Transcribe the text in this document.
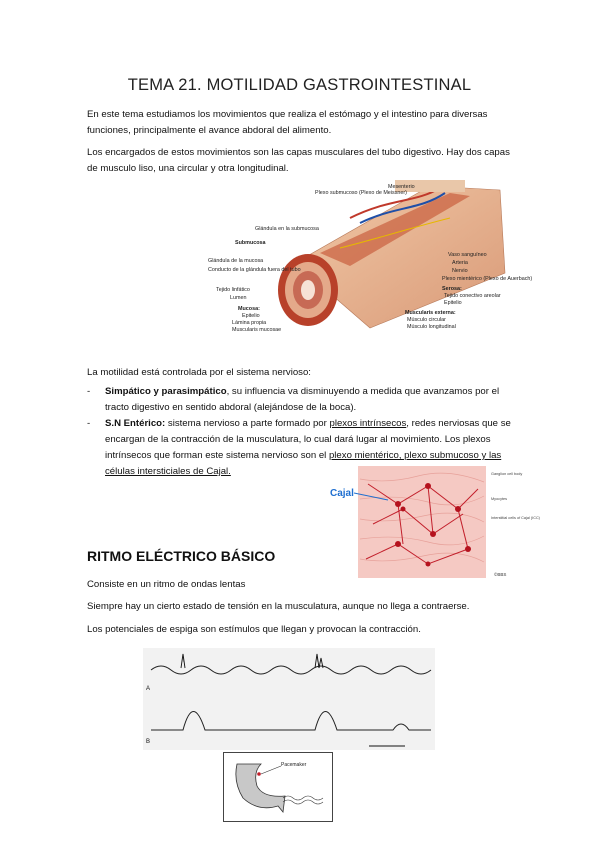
TEMA 21. MOTILIDAD GASTROINTESTINAL
En este tema estudiamos los movimientos que realiza el estómago y el intestino para diversas funciones, principalmente el avance abdoral del alimento.
Los encargados de estos movimientos son las capas musculares del tubo digestivo. Hay dos capas de musculo liso, una circular y otra longitudinal.
Submucosa
Glándula de la mucosa
Conducto de la glándula fuera del tubo
Tejido linfático
Lumen
Mucosa:
Epitelio
Lámina propia
Muscularis mucosae
Plexo submucoso (Plexo de Meissner)
Mesenterio
Glándula en la submucosa
Vaso sanguíneo
Arteria
Nervio
Plexo mientérico (Plexo de Auerbach)
Serosa:
Tejido conectivo areolar
Epitelio
Muscularis externa:
Músculo circular
Músculo longitudinal
La motilidad está controlada por el sistema nervioso:
- Simpático y parasimpático, su influencia va disminuyendo a medida que avanzamos por el tracto digestivo en sentido abdoral (alejándose de la boca).
- S.N Entérico: sistema nervioso a parte formado por plexos intrínsecos, redes nerviosas que se encargan de la contracción de la musculatura, lo cual dará lugar al movimiento. Los plexos intrínsecos que forman este sistema nervioso son el plexo mientérico, plexo submucoso y las células intersticiales de Cajal.
Cajal
Ganglion cell body
Myocytes
Interstitial cells of Cajal (ICC)
©BBS
RITMO ELÉCTRICO BÁSICO
Consiste en un ritmo de ondas lentas
Siempre hay un cierto estado de tensión en la musculatura, aunque no llega a contraerse.
Los potenciales de espiga son estímulos que llegan y provocan la contracción.
A
B
Pacemaker
